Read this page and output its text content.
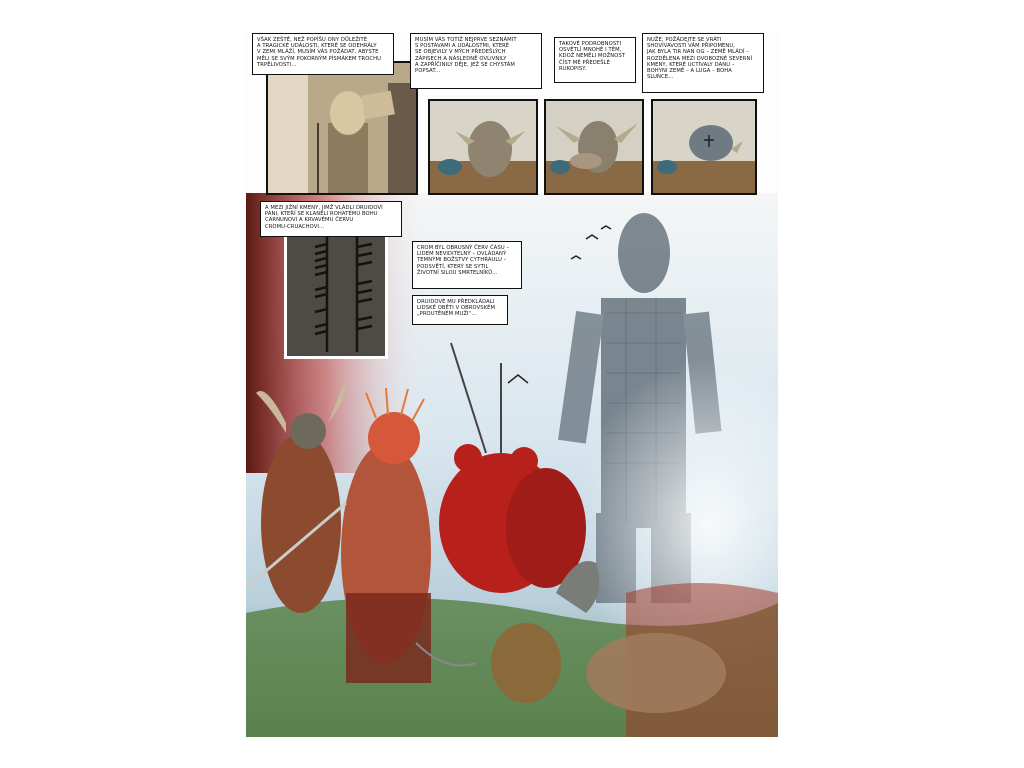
VŠAK ZEŠTĚ, NEŽ POPÍŠU ONY DŮLEŽITÉ
A TRAGICKÉ UDÁLOSTI, KTERÉ SE ODEHRÁLY
V ZEMI MLÁŽÍ, MUSÍM VÁS POŽÁDAT, ABYSTE
MĚLI SE SVÝM POKORNÝM PÍSMÁKEM TROCHU
TRPĚLIVOSTI...
MUSÍM VÁS TOTIŽ NEJPRVE SEZNÁMIT
S POSTAVAMI A UDÁLOSTMI, KTERÉ
SE OBJEVILY V MÝCH PŘEDEŠLÝCH
ZÁPISECH A NÁSLEDNĚ OVLIVNILY
A ZAPŘÍČINILY DĚJE, JEŽ SE CHYSTÁM
POPSAT...
TAKOVÉ PODROBNOSTI
OSVĚTLÍ MNOHÉ I TĚM,
KDOŽ NEMĚLI MOŽNOST
ČÍST MÉ PŘEDEŠLÉ
RUKOPISY.
NUŽE, POŽÁDEJTE SE VRÁTI
SHOVÍVAVOSTI VÁM PŘIPOMENU,
JAK BYLA TIR NAN OG – ZEMĚ MLÁDÍ –
ROZDĚLENA MEZI DVOBOZNÉ SEVERNÍ
KMENY, KTERÉ UCTÍVALY DANU –
BOHYNI ZEMĚ – A LUGA – BOHA
SLUNCE...
A MEZI JIŽNÍ KMENY, JIMŽ VLÁDLI DRUIDOVÍ
PÁNI, KTEŘÍ SE KLANĚLI ROHATÉMU BOHU
CARNUNOVI A KRVAVÉMU ČERVU
CROMU-CRUACHOVI...
CROM BYL OBRUSNÝ ČERV ČASU –
LIDEM NEVIDITELNÝ – OVLÁDANÝ
TEMNÝMI BOŽSTVY CYTHRAULU –
PODSVĚTÍ, KTERÝ SE SYTIL
ŽIVOTNÍ SILOU SMRTELNÍKŮ...
DRUIDOVÉ MU PŘEDKLÁDALI
LIDSKÉ OBĚTI V OBROVSKÉM
„PROUTĚNÉM MUŽI“...
